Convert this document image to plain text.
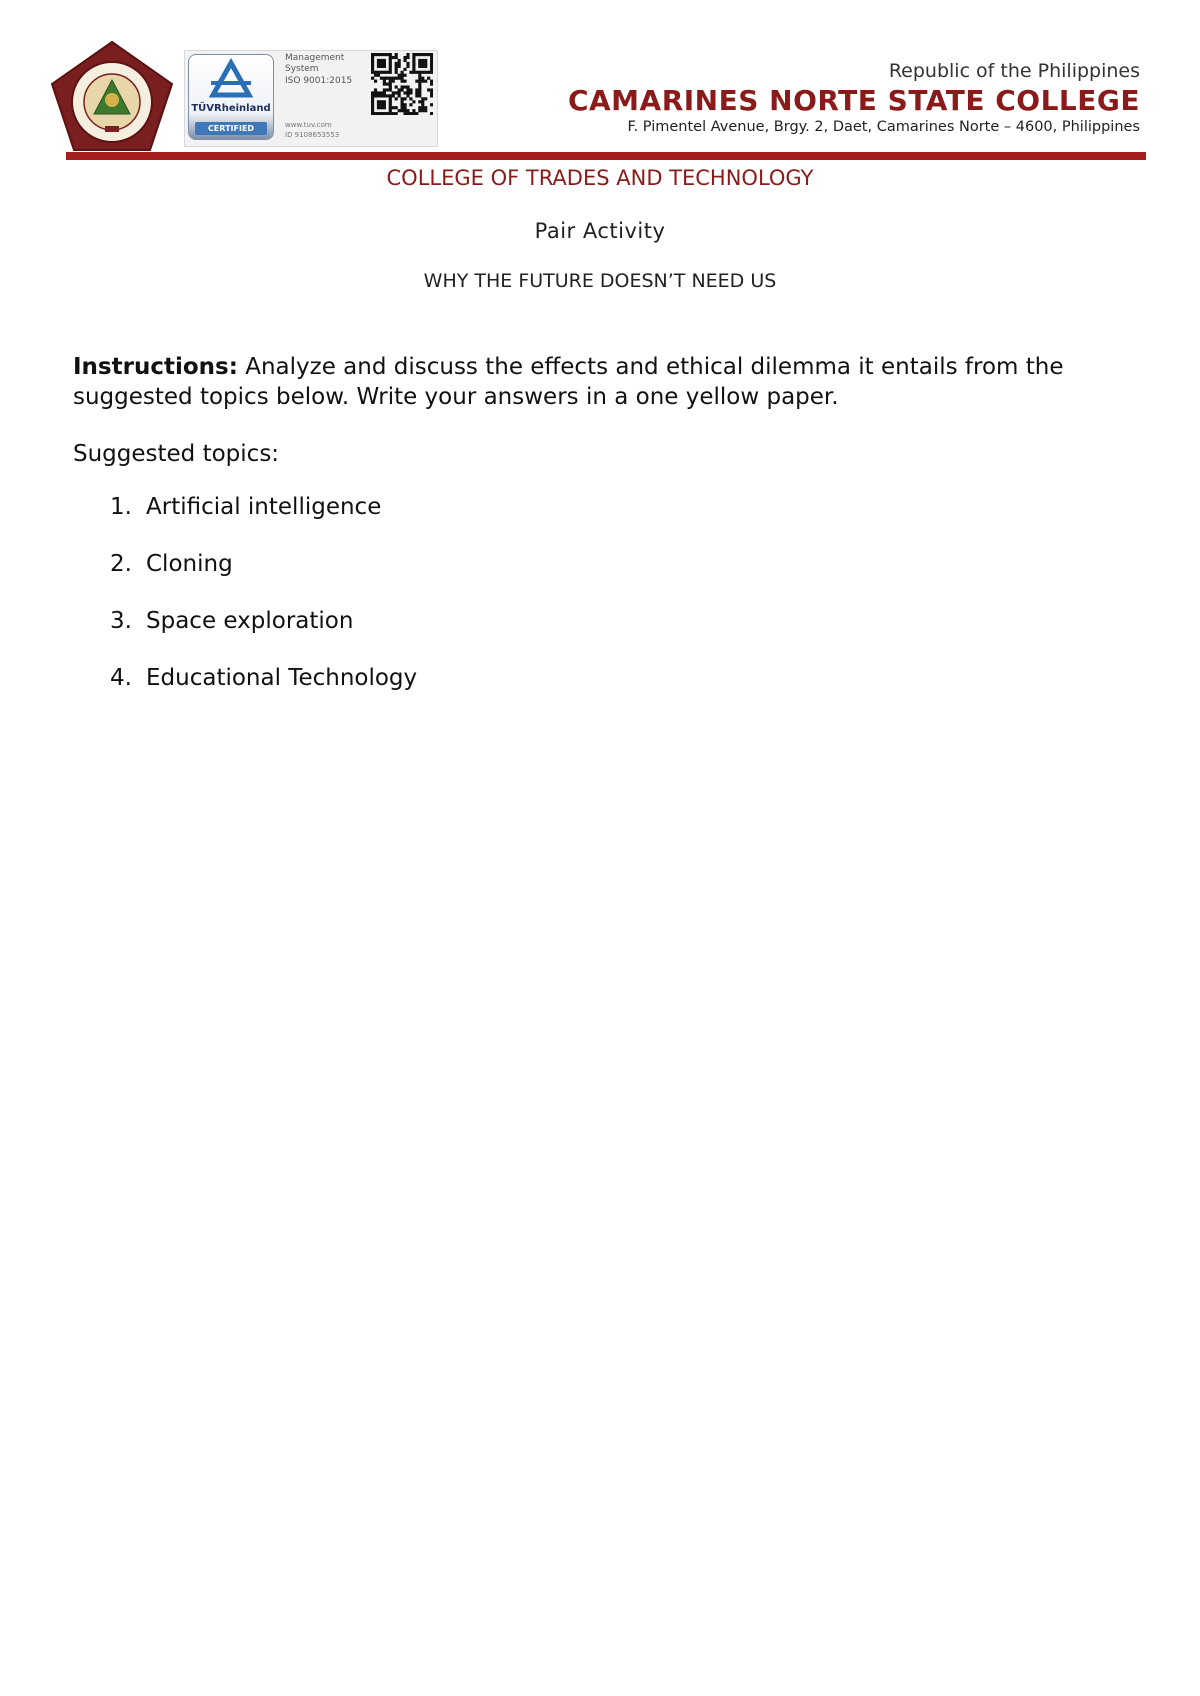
TÜVRheinland
CERTIFIED
Management
System
ISO 9001:2015
www.tuv.com
ID 9108653553
Republic of the Philippines
CAMARINES NORTE STATE COLLEGE
F. Pimentel Avenue, Brgy. 2, Daet, Camarines Norte – 4600, Philippines
COLLEGE OF TRADES AND TECHNOLOGY
Pair Activity
WHY THE FUTURE DOESN’T NEED US
Instructions: Analyze and discuss the effects and ethical dilemma it entails from the suggested topics below. Write your answers in a one yellow paper.
Suggested topics:
1. Artificial intelligence
2. Cloning
3. Space exploration
4. Educational Technology
